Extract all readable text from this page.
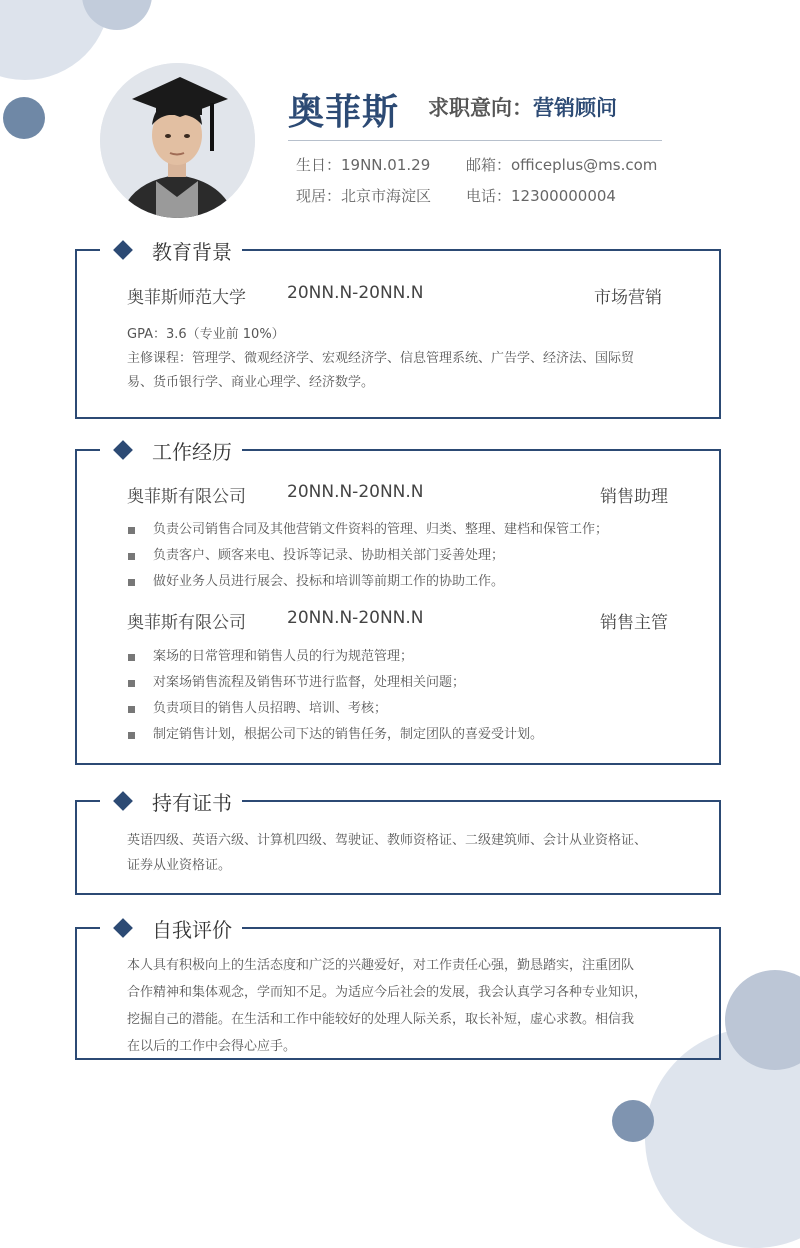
奥菲斯 求职意向：营销顾问
生日：19NN.01.29 邮箱：officeplus@ms.com
现居：北京市海淀区 电话：12300000004
教育背景
奥菲斯师范大学 20NN.N-20NN.N	市场营销
GPA：3.6（专业前 10%）
主修课程：管理学、微观经济学、宏观经济学、信息管理系统、广告学、经济法、国际贸
易、货币银行学、商业心理学、经济数学。
工作经历
奥菲斯有限公司 20NN.N-20NN.N	销售助理
负责公司销售合同及其他营销文件资料的管理、归类、整理、建档和保管工作；
负责客户、顾客来电、投诉等记录、协助相关部门妥善处理；
做好业务人员进行展会、投标和培训等前期工作的协助工作。
奥菲斯有限公司 20NN.N-20NN.N	销售主管
案场的日常管理和销售人员的行为规范管理；
对案场销售流程及销售环节进行监督，处理相关问题；
负责项目的销售人员招聘、培训、考核；
制定销售计划，根据公司下达的销售任务，制定团队的喜爱受计划。
持有证书
英语四级、英语六级、计算机四级、驾驶证、教师资格证、二级建筑师、会计从业资格证、
证券从业资格证。
自我评价
本人具有积极向上的生活态度和广泛的兴趣爱好，对工作责任心强，勤恳踏实，注重团队
合作精神和集体观念，学而知不足。为适应今后社会的发展，我会认真学习各种专业知识，
挖掘自己的潜能。在生活和工作中能较好的处理人际关系，取长补短，虚心求教。相信我
在以后的工作中会得心应手。
